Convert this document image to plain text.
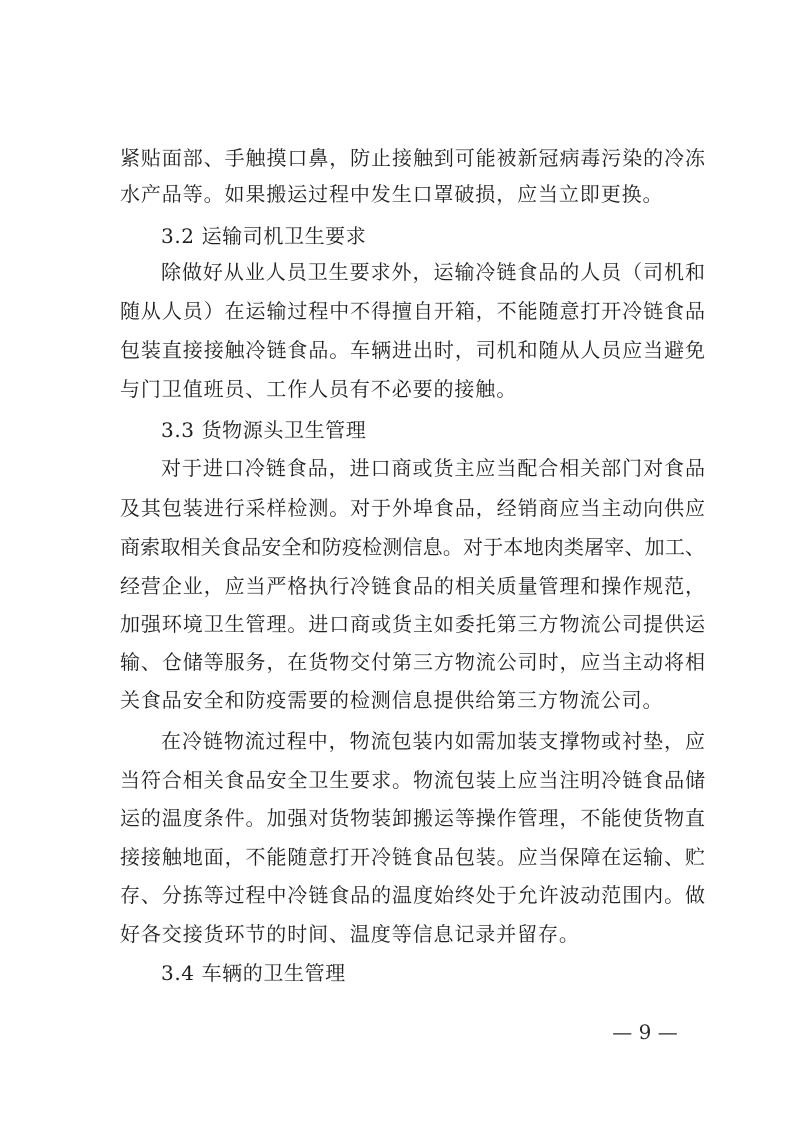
紧贴面部、手触摸口鼻，防止接触到可能被新冠病毒污染的冷冻
水产品等。如果搬运过程中发生口罩破损，应当立即更换。
3.2 运输司机卫生要求
除做好从业人员卫生要求外，运输冷链食品的人员（司机和
随从人员）在运输过程中不得擅自开箱，不能随意打开冷链食品
包装直接接触冷链食品。车辆进出时，司机和随从人员应当避免
与门卫值班员、工作人员有不必要的接触。
3.3 货物源头卫生管理
对于进口冷链食品，进口商或货主应当配合相关部门对食品
及其包装进行采样检测。对于外埠食品，经销商应当主动向供应
商索取相关食品安全和防疫检测信息。对于本地肉类屠宰、加工、
经营企业，应当严格执行冷链食品的相关质量管理和操作规范，
加强环境卫生管理。进口商或货主如委托第三方物流公司提供运
输、仓储等服务，在货物交付第三方物流公司时，应当主动将相
关食品安全和防疫需要的检测信息提供给第三方物流公司。
在冷链物流过程中，物流包装内如需加装支撑物或衬垫，应
当符合相关食品安全卫生要求。物流包装上应当注明冷链食品储
运的温度条件。加强对货物装卸搬运等操作管理，不能使货物直
接接触地面，不能随意打开冷链食品包装。应当保障在运输、贮
存、分拣等过程中冷链食品的温度始终处于允许波动范围内。做
好各交接货环节的时间、温度等信息记录并留存。
3.4 车辆的卫生管理
— 9 —
